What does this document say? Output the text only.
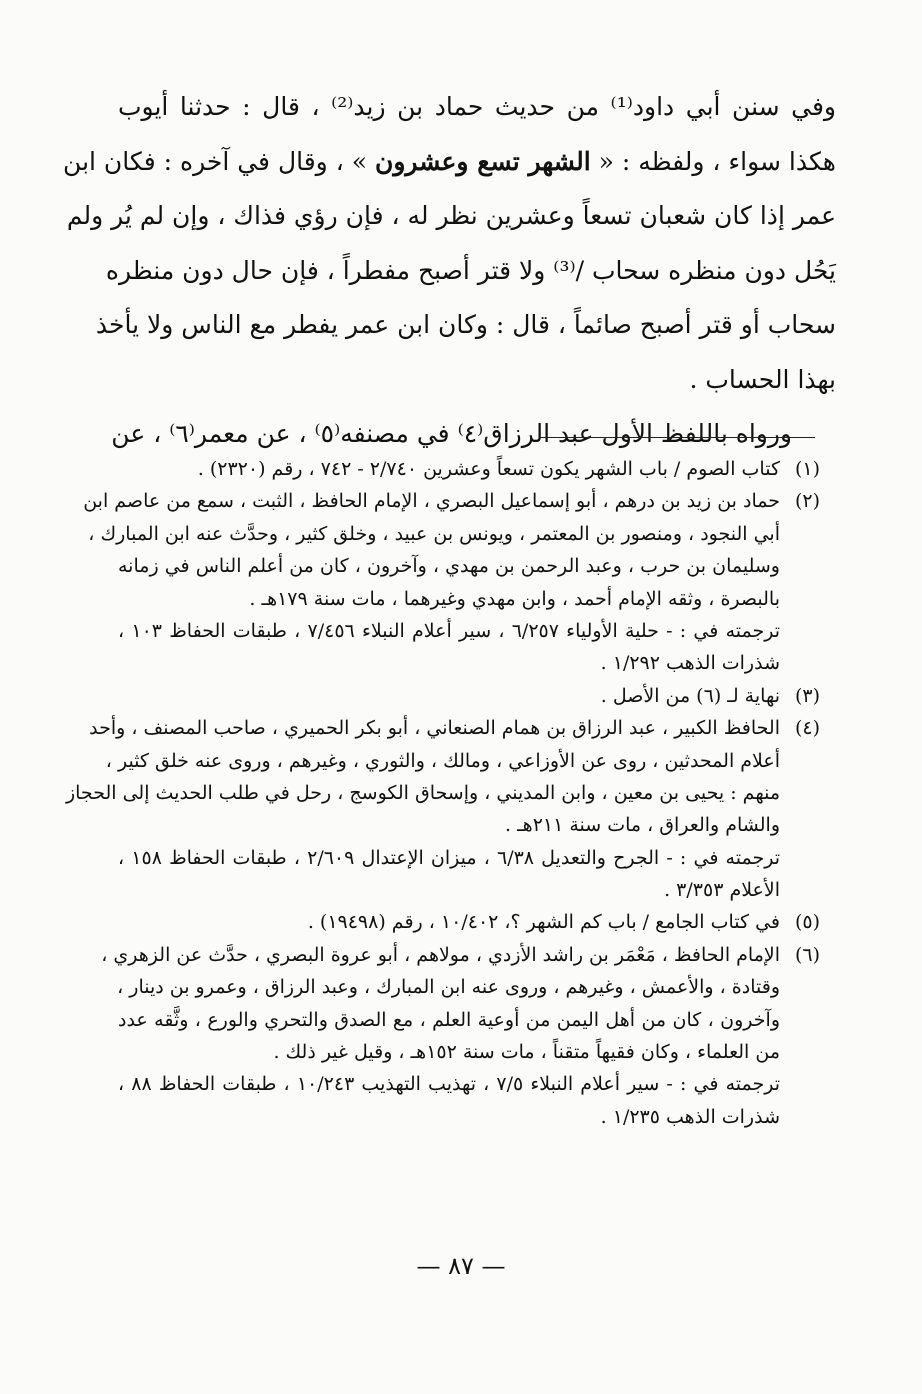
وفي سنن أبي داود⁽¹⁾ من حديث حماد بن زيد⁽²⁾ ، قال : حدثنا أيوب
هكذا سواء ، ولفظه : « الشهر تسع وعشرون » ، وقال في آخره : فكان ابن
عمر إذا كان شعبان تسعاً وعشرين نظر له ، فإن رؤي فذاك ، وإن لم يُر ولم
يَحُل دون منظره سحاب /⁽³⁾ ولا قتر أصبح مفطراً ، فإن حال دون منظره
سحاب أو قتر أصبح صائماً ، قال : وكان ابن عمر يفطر مع الناس ولا يأخذ
بهذا الحساب .
ورواه باللفظ الأول عبد الرزاق⁽٤⁾ في مصنفه⁽٥⁾ ، عن معمر⁽٦⁾ ، عن
(١)
كتاب الصوم / باب الشهر يكون تسعاً وعشرين ٢/٧٤٠ - ٧٤٢ ، رقم (٢٣٢٠) .
(٢)
حماد بن زيد بن درهم ، أبو إسماعيل البصري ، الإمام الحافظ ، الثبت ، سمع من عاصم ابن
أبي النجود ، ومنصور بن المعتمر ، ويونس بن عبيد ، وخلق كثير ، وحدَّث عنه ابن المبارك ،
وسليمان بن حرب ، وعبد الرحمن بن مهدي ، وآخرون ، كان من أعلم الناس في زمانه
بالبصرة ، وثقه الإمام أحمد ، وابن مهدي وغيرهما ، مات سنة ١٧٩هـ .
ترجمته في : - حلية الأولياء ٦/٢٥٧ ، سير أعلام النبلاء ٧/٤٥٦ ، طبقات الحفاظ ١٠٣ ،
شذرات الذهب ١/٢٩٢ .
(٣)
نهاية لـ (٦) من الأصل .
(٤)
الحافظ الكبير ، عبد الرزاق بن همام الصنعاني ، أبو بكر الحميري ، صاحب المصنف ، وأحد
أعلام المحدثين ، روى عن الأوزاعي ، ومالك ، والثوري ، وغيرهم ، وروى عنه خلق كثير ،
منهم : يحيى بن معين ، وابن المديني ، وإسحاق الكوسج ، رحل في طلب الحديث إلى الحجاز
والشام والعراق ، مات سنة ٢١١هـ .
ترجمته في : - الجرح والتعديل ٦/٣٨ ، ميزان الإعتدال ٢/٦٠٩ ، طبقات الحفاظ ١٥٨ ،
الأعلام ٣/٣٥٣ .
(٥)
في كتاب الجامع / باب كم الشهر ؟، ١٠/٤٠٢ ، رقم (١٩٤٩٨) .
(٦)
الإمام الحافظ ، مَعْمَر بن راشد الأزدي ، مولاهم ، أبو عروة البصري ، حدَّث عن الزهري ،
وقتادة ، والأعمش ، وغيرهم ، وروى عنه ابن المبارك ، وعبد الرزاق ، وعمرو بن دينار ،
وآخرون ، كان من أهل اليمن من أوعية العلم ، مع الصدق والتحري والورع ، وثَّقه عدد
من العلماء ، وكان فقيهاً متقناً ، مات سنة ١٥٢هـ ، وقيل غير ذلك .
ترجمته في : - سير أعلام النبلاء ٧/٥ ، تهذيب التهذيب ١٠/٢٤٣ ، طبقات الحفاظ ٨٨ ،
شذرات الذهب ١/٢٣٥ .
— ٨٧ —
